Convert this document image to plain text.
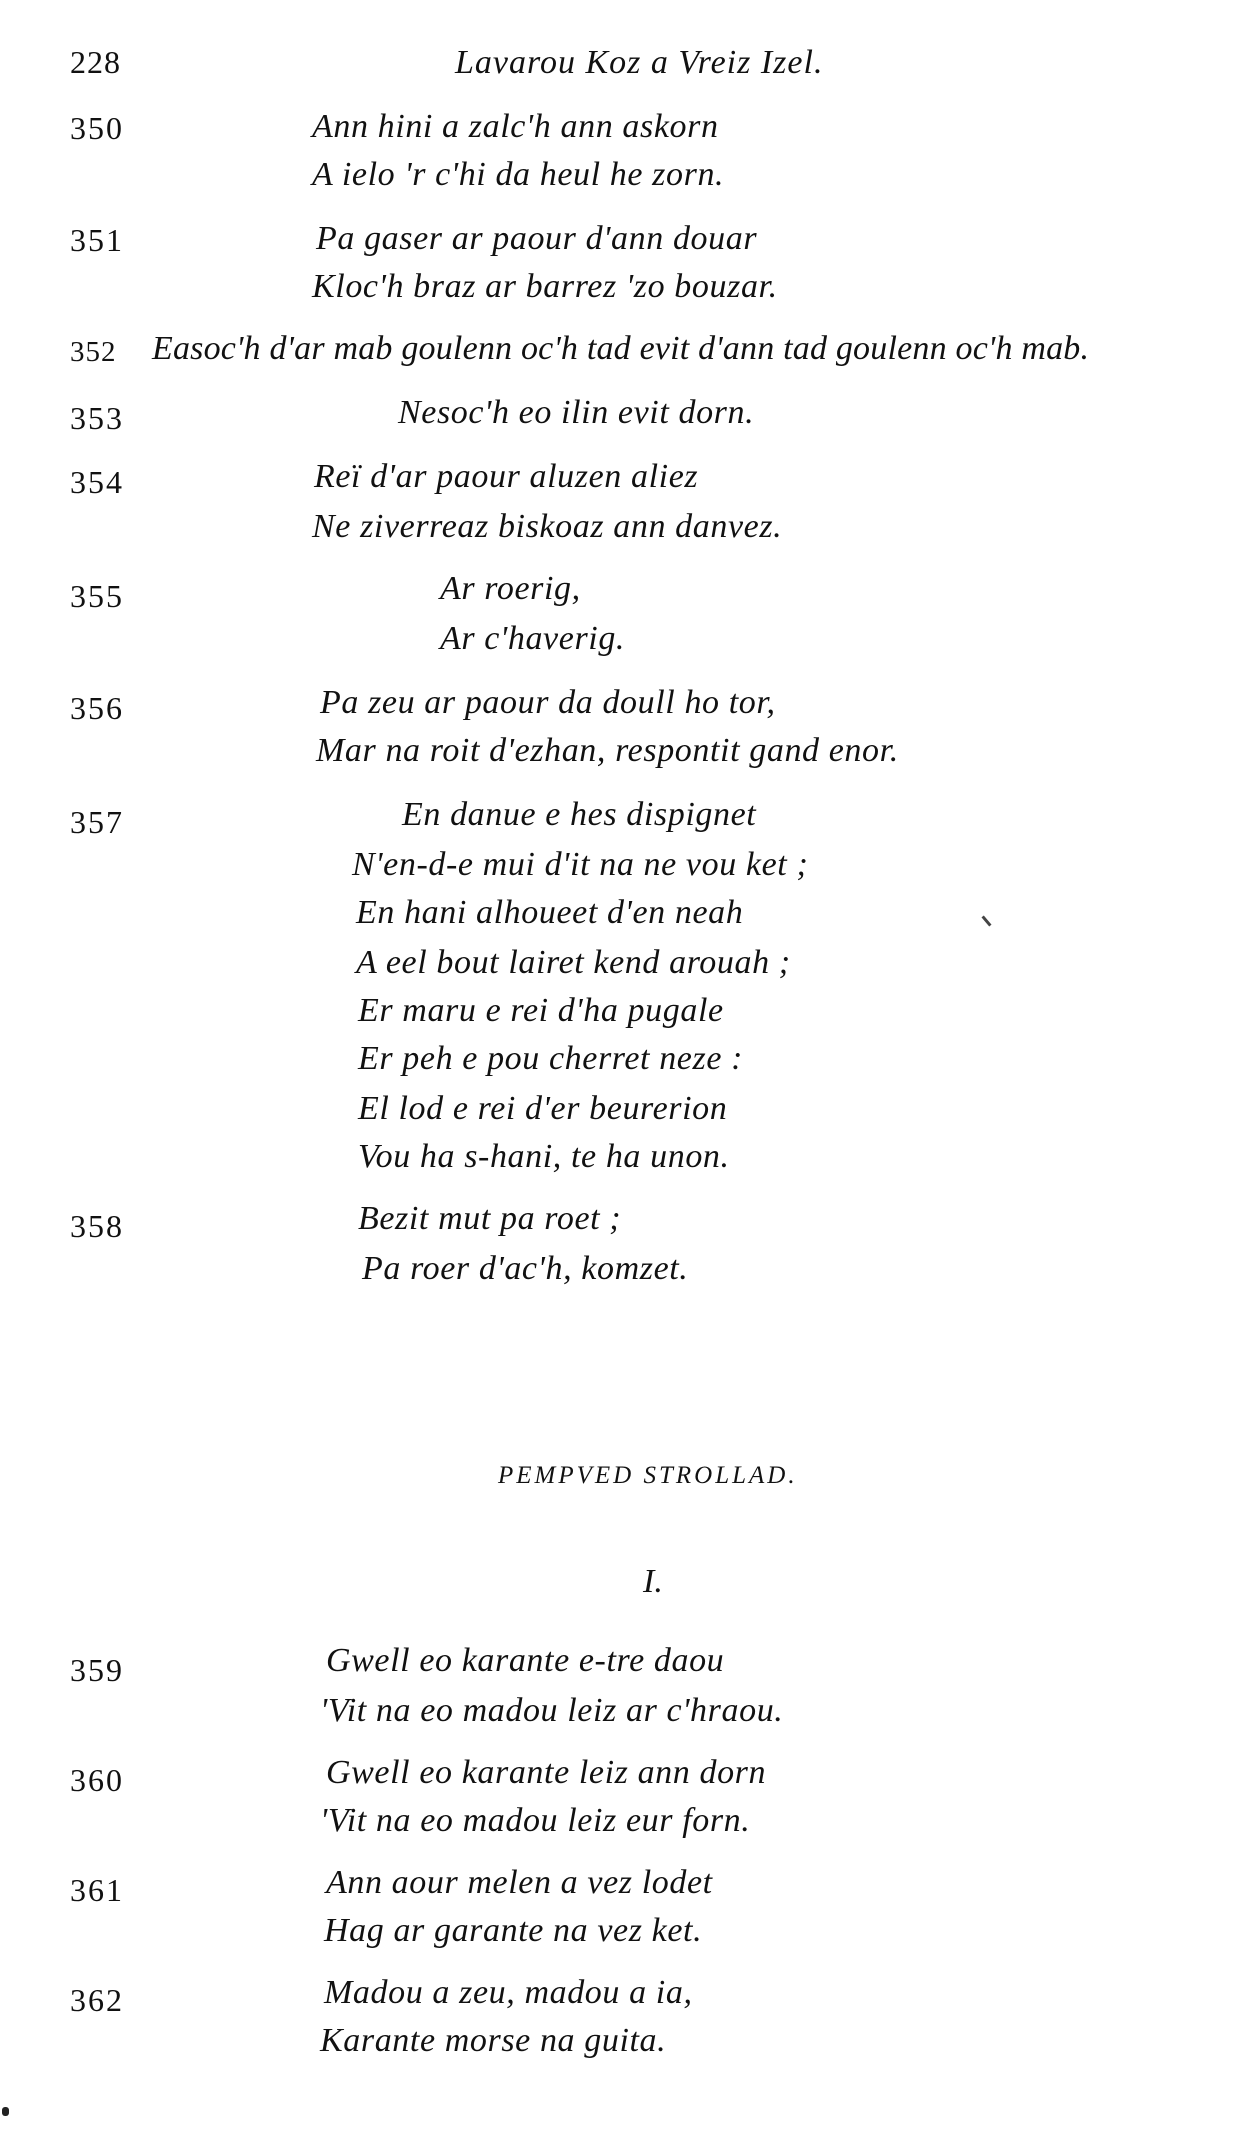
228	Lavarou Koz a Vreiz Izel.
350	Ann hini a zalc'h ann askorn
A ielo 'r c'hi da heul he zorn.
351	Pa gaser ar paour d'ann douar
Kloc'h braz ar barrez 'zo bouzar.
352 Easoc'h d'ar mab goulenn oc'h tad evit d'ann tad goulenn oc'h mab.
353	Nesoc'h eo ilin evit dorn.
354	Reï d'ar paour aluzen aliez
Ne ziverreaz biskoaz ann danvez.
355	Ar roerig,
Ar c'haverig.
356	Pa zeu ar paour da doull ho tor,
Mar na roit d'ezhan, respontit gand enor.
357	En danue e hes dispignet
N'en-d-e mui d'it na ne vou ket ;
En hani alhoueet d'en neah
A eel bout lairet kend arouah ;
Er maru e rei d'ha pugale
Er peh e pou cherret neze :
El lod e rei d'er beurerion
Vou ha s-hani, te ha unon.
358	Bezit mut pa roet ;
Pa roer d'ac'h, komzet.
PEMPVED STROLLAD.
I.
359	Gwell eo karante e-tre daou
'Vit na eo madou leiz ar c'hraou.
360	Gwell eo karante leiz ann dorn
'Vit na eo madou leiz eur forn.
361	Ann aour melen a vez lodet
Hag ar garante na vez ket.
362	Madou a zeu, madou a ia,
Karante morse na guita.
